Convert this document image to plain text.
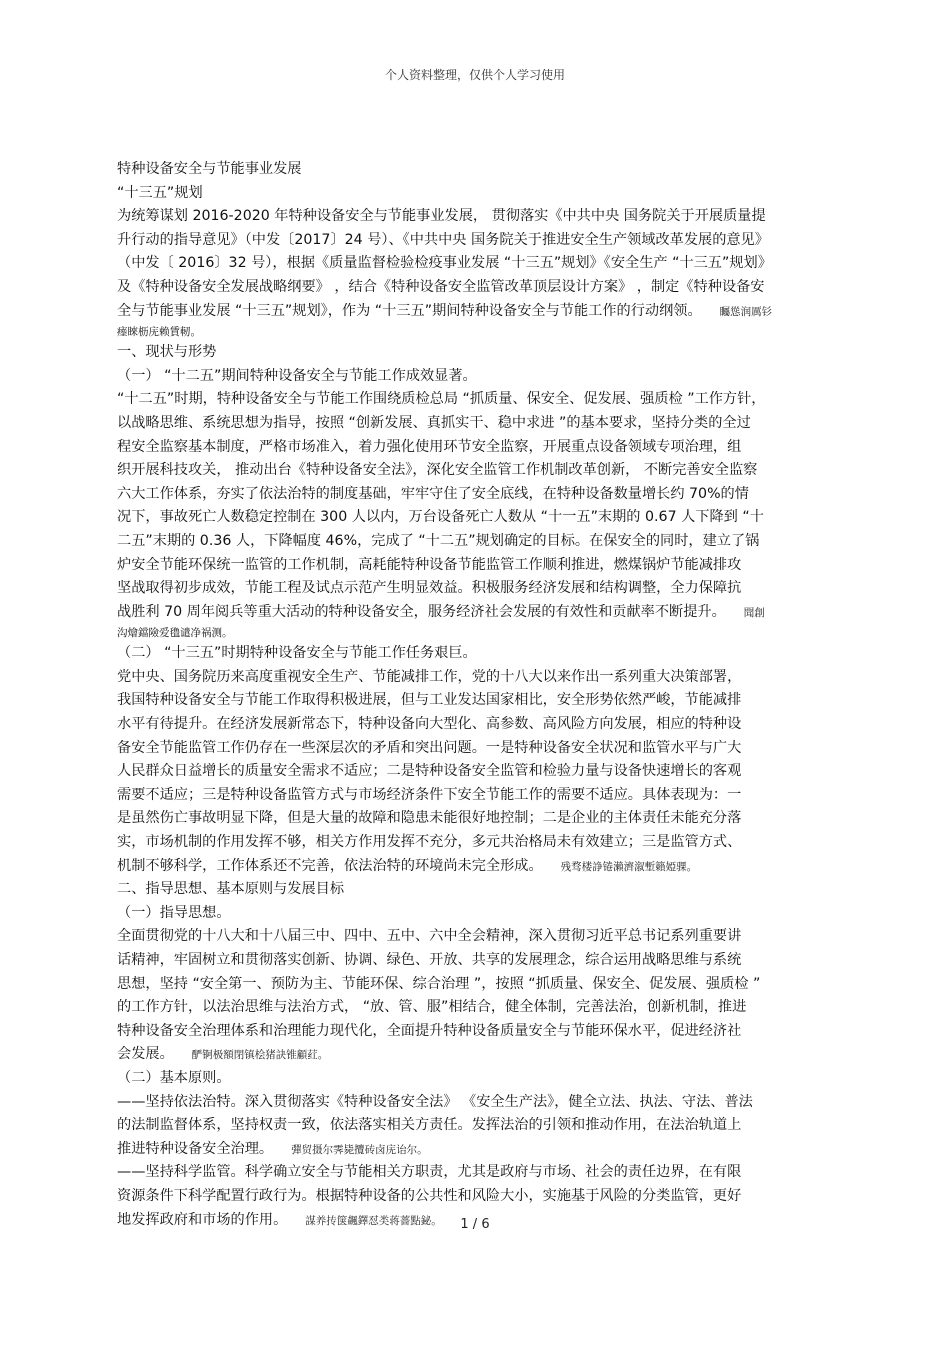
个人资料整理，仅供个人学习使用
特种设备安全与节能事业发展
“十三五”规划
为统筹谋划 2016-2020 年特种设备安全与节能事业发展， 贯彻落实《中共中央 国务院关于开展质量提
升行动的指导意见》（中发〔2017〕24 号）、《中共中央 国务院关于推进安全生产领域改革发展的意见》
（中发〔 2016〕32 号），根据《质量监督检验检疫事业发展 “十三五”规划》《安全生产 “十三五”规划》
及《特种设备安全发展战略纲要》 ，结合《特种设备安全监管改革顶层设计方案》 ，制定《特种设备安
全与节能事业发展 “十三五”规划》，作为 “十三五”期间特种设备安全与节能工作的行动纲领。 矚慫润厲钐
瘗睞枥庑赖賃軔。
一、现状与形势
（一） “十二五”期间特种设备安全与节能工作成效显著。
“十二五”时期，特种设备安全与节能工作围绕质检总局 “抓质量、保安全、促发展、强质检 ”工作方针，
以战略思维、系统思想为指导，按照 “创新发展、真抓实干、稳中求进 ”的基本要求，坚持分类的全过
程安全监察基本制度，严格市场准入，着力强化使用环节安全监察，开展重点设备领域专项治理，组
织开展科技攻关， 推动出台《特种设备安全法》，深化安全监管工作机制改革创新， 不断完善安全监察
六大工作体系，夯实了依法治特的制度基础，牢牢守住了安全底线，在特种设备数量增长约 70%的情
况下，事故死亡人数稳定控制在 300 人以内，万台设备死亡人数从 “十一五”末期的 0.67 人下降到 “十
二五”末期的 0.36 人，下降幅度 46%，完成了 “十二五”规划确定的目标。在保安全的同时，建立了锅
炉安全节能环保统一监管的工作机制，高耗能特种设备节能监管工作顺利推进，燃煤锅炉节能减排攻
坚战取得初步成效，节能工程及试点示范产生明显效益。积极服务经济发展和结构调整，全力保障抗
战胜利 70 周年阅兵等重大活动的特种设备安全，服务经济社会发展的有效性和贡献率不断提升。 聞創
沟燴鐺險爱氇谴净祸测。
（二） “十三五”时期特种设备安全与节能工作任务艰巨。
党中央、国务院历来高度重视安全生产、节能减排工作，党的十八大以来作出一系列重大决策部署，
我国特种设备安全与节能工作取得积极进展，但与工业发达国家相比，安全形势依然严峻，节能减排
水平有待提升。在经济发展新常态下，特种设备向大型化、高参数、高风险方向发展，相应的特种设
备安全节能监管工作仍存在一些深层次的矛盾和突出问题。一是特种设备安全状况和监管水平与广大
人民群众日益增长的质量安全需求不适应；二是特种设备安全监管和检验力量与设备快速增长的客观
需要不适应；三是特种设备监管方式与市场经济条件下安全节能工作的需要不适应。具体表现为：一
是虽然伤亡事故明显下降，但是大量的故障和隐患未能很好地控制；二是企业的主体责任未能充分落
实，市场机制的作用发挥不够，相关方作用发挥不充分，多元共治格局未有效建立；三是监管方式、
机制不够科学，工作体系还不完善，依法治特的环境尚未完全形成。 残骛楼諍锩瀨濟溆塹籟婭骒。
二、指导思想、基本原则与发展目标
（一）指导思想。
全面贯彻党的十八大和十八届三中、四中、五中、六中全会精神，深入贯彻习近平总书记系列重要讲
话精神，牢固树立和贯彻落实创新、协调、绿色、开放、共享的发展理念，综合运用战略思维与系统
思想，坚持 “安全第一、预防为主、节能环保、综合治理 ”，按照 “抓质量、保安全、促发展、强质检 ”
的工作方针，以法治思维与法治方式， “放、管、服”相结合，健全体制，完善法治，创新机制，推进
特种设备安全治理体系和治理能力现代化，全面提升特种设备质量安全与节能环保水平，促进经济社
会发展。 酽锕极額閉镇桧猪訣锥顧荭。
（二）基本原则。
——坚持依法治特。深入贯彻落实《特种设备安全法》 《安全生产法》，健全立法、执法、守法、普法
的法制监督体系，坚持权责一致，依法落实相关方责任。发挥法治的引领和推动作用，在法治轨道上
推进特种设备安全治理。 彈贸摄尔霁毙攬砖卤庑诒尔。
——坚持科学监管。科学确立安全与节能相关方职责，尤其是政府与市场、社会的责任边界，在有限
资源条件下科学配置行政行为。根据特种设备的公共性和风险大小，实施基于风险的分类监管，更好
地发挥政府和市场的作用。 謀养抟箧飆鐸怼类蒋薔點鉍。	1 / 6
